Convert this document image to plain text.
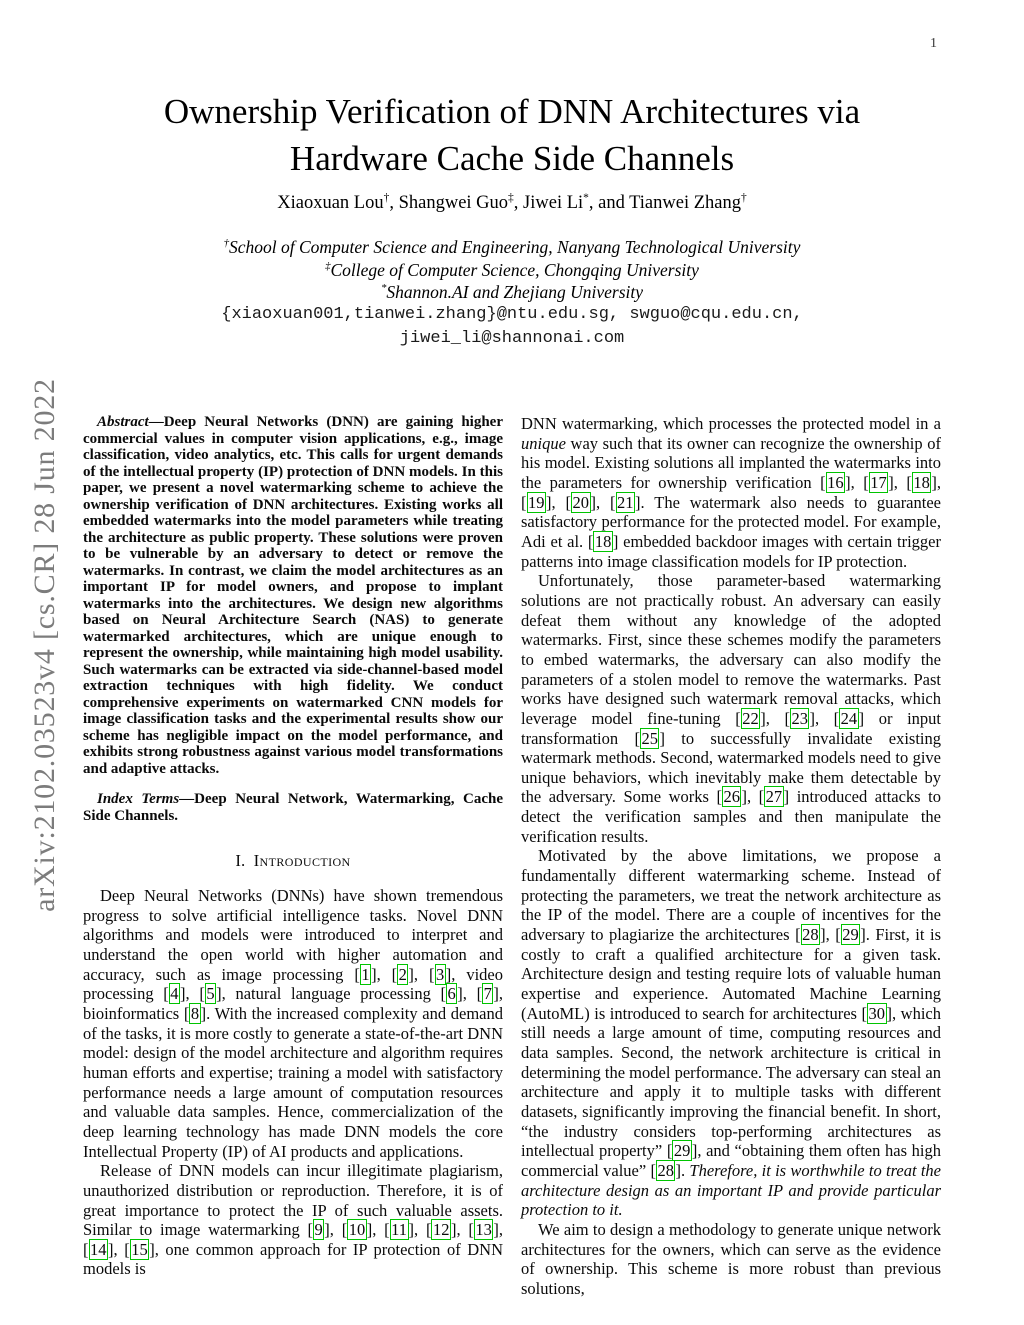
1
arXiv:2102.03523v4 [cs.CR] 28 Jun 2022
Ownership Verification of DNN Architectures via
Hardware Cache Side Channels
Xiaoxuan Lou†, Shangwei Guo‡, Jiwei Li*, and Tianwei Zhang†
†School of Computer Science and Engineering, Nanyang Technological University
‡College of Computer Science, Chongqing University
*Shannon.AI and Zhejiang University
{xiaoxuan001,tianwei.zhang}@ntu.edu.sg, swguo@cqu.edu.cn,
jiwei_li@shannonai.com
Abstract—Deep Neural Networks (DNN) are gaining higher commercial values in computer vision applications, e.g., image classification, video analytics, etc. This calls for urgent demands of the intellectual property (IP) protection of DNN models. In this paper, we present a novel watermarking scheme to achieve the ownership verification of DNN architectures. Existing works all embedded watermarks into the model parameters while treating the architecture as public property. These solutions were proven to be vulnerable by an adversary to detect or remove the watermarks. In contrast, we claim the model architectures as an important IP for model owners, and propose to implant watermarks into the architectures. We design new algorithms based on Neural Architecture Search (NAS) to generate watermarked architectures, which are unique enough to represent the ownership, while maintaining high model usability. Such watermarks can be extracted via side-channel-based model extraction techniques with high fidelity. We conduct comprehensive experiments on watermarked CNN models for image classification tasks and the experimental results show our scheme has negligible impact on the model performance, and exhibits strong robustness against various model transformations and adaptive attacks.
Index Terms—Deep Neural Network, Watermarking, Cache Side Channels.
I.  Introduction
Deep Neural Networks (DNNs) have shown tremendous progress to solve artificial intelligence tasks. Novel DNN algorithms and models were introduced to interpret and understand the open world with higher automation and accuracy, such as image processing [1], [2], [3], video processing [4], [5], natural language processing [6], [7], bioinformatics [8]. With the increased complexity and demand of the tasks, it is more costly to generate a state-of-the-art DNN model: design of the model architecture and algorithm requires human efforts and expertise; training a model with satisfactory performance needs a large amount of computation resources and valuable data samples. Hence, commercialization of the deep learning technology has made DNN models the core Intellectual Property (IP) of AI products and applications.
Release of DNN models can incur illegitimate plagiarism, unauthorized distribution or reproduction. Therefore, it is of great importance to protect the IP of such valuable assets. Similar to image watermarking [9], [10], [11], [12], [13], [14], [15], one common approach for IP protection of DNN models is
DNN watermarking, which processes the protected model in a unique way such that its owner can recognize the ownership of his model. Existing solutions all implanted the watermarks into the parameters for ownership verification [16], [17], [18], [19], [20], [21]. The watermark also needs to guarantee satisfactory performance for the protected model. For example, Adi et al. [18] embedded backdoor images with certain trigger patterns into image classification models for IP protection.
Unfortunately, those parameter-based watermarking solutions are not practically robust. An adversary can easily defeat them without any knowledge of the adopted watermarks. First, since these schemes modify the parameters to embed watermarks, the adversary can also modify the parameters of a stolen model to remove the watermarks. Past works have designed such watermark removal attacks, which leverage model fine-tuning [22], [23], [24] or input transformation [25] to successfully invalidate existing watermark methods. Second, watermarked models need to give unique behaviors, which inevitably make them detectable by the adversary. Some works [26], [27] introduced attacks to detect the verification samples and then manipulate the verification results.
Motivated by the above limitations, we propose a fundamentally different watermarking scheme. Instead of protecting the parameters, we treat the network architecture as the IP of the model. There are a couple of incentives for the adversary to plagiarize the architectures [28], [29]. First, it is costly to craft a qualified architecture for a given task. Architecture design and testing require lots of valuable human expertise and experience. Automated Machine Learning (AutoML) is introduced to search for architectures [30], which still needs a large amount of time, computing resources and data samples. Second, the network architecture is critical in determining the model performance. The adversary can steal an architecture and apply it to multiple tasks with different datasets, significantly improving the financial benefit. In short, “the industry considers top-performing architectures as intellectual property” [29], and “obtaining them often has high commercial value” [28]. Therefore, it is worthwhile to treat the architecture design as an important IP and provide particular protection to it.
We aim to design a methodology to generate unique network architectures for the owners, which can serve as the evidence of ownership. This scheme is more robust than previous solutions,
